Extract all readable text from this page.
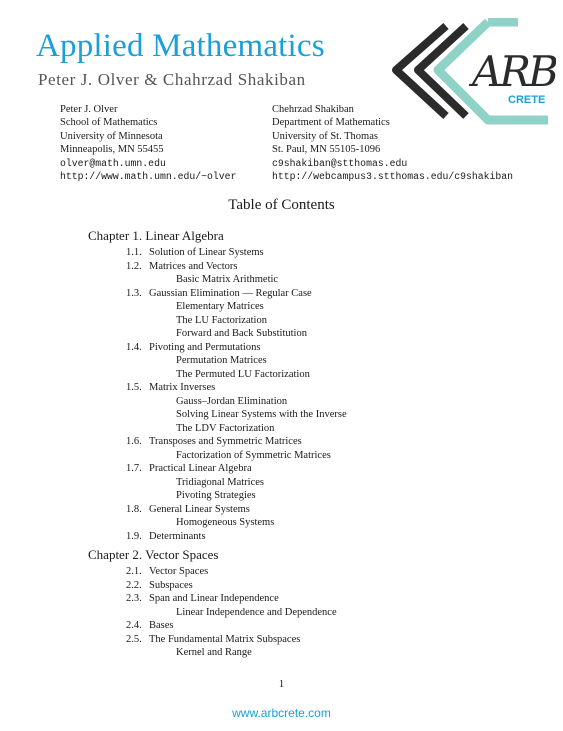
Applied Mathematics
Peter J. Olver & Chahrzad Shakiban	ARB
CRETE
Peter J. Olver
School of Mathematics
University of Minnesota
Minneapolis, MN 55455
olver@math.umn.edu
http://www.math.umn.edu/~olver
Chehrzad Shakiban
Department of Mathematics
University of St. Thomas
St. Paul, MN 55105-1096
c9shakiban@stthomas.edu
http://webcampus3.stthomas.edu/c9shakiban
Table of Contents
Chapter 1. Linear Algebra
1.1. Solution of Linear Systems
1.2. Matrices and Vectors
Basic Matrix Arithmetic
1.3. Gaussian Elimination — Regular Case
Elementary Matrices
The LU Factorization
Forward and Back Substitution
1.4. Pivoting and Permutations
Permutation Matrices
The Permuted LU Factorization
1.5. Matrix Inverses
Gauss–Jordan Elimination
Solving Linear Systems with the Inverse
The LDV Factorization
1.6. Transposes and Symmetric Matrices
Factorization of Symmetric Matrices
1.7. Practical Linear Algebra
Tridiagonal Matrices
Pivoting Strategies
1.8. General Linear Systems
Homogeneous Systems
1.9. Determinants
Chapter 2. Vector Spaces
2.1. Vector Spaces
2.2. Subspaces
2.3. Span and Linear Independence
Linear Independence and Dependence
2.4. Bases
2.5. The Fundamental Matrix Subspaces
Kernel and Range
1
www.arbcrete.com
